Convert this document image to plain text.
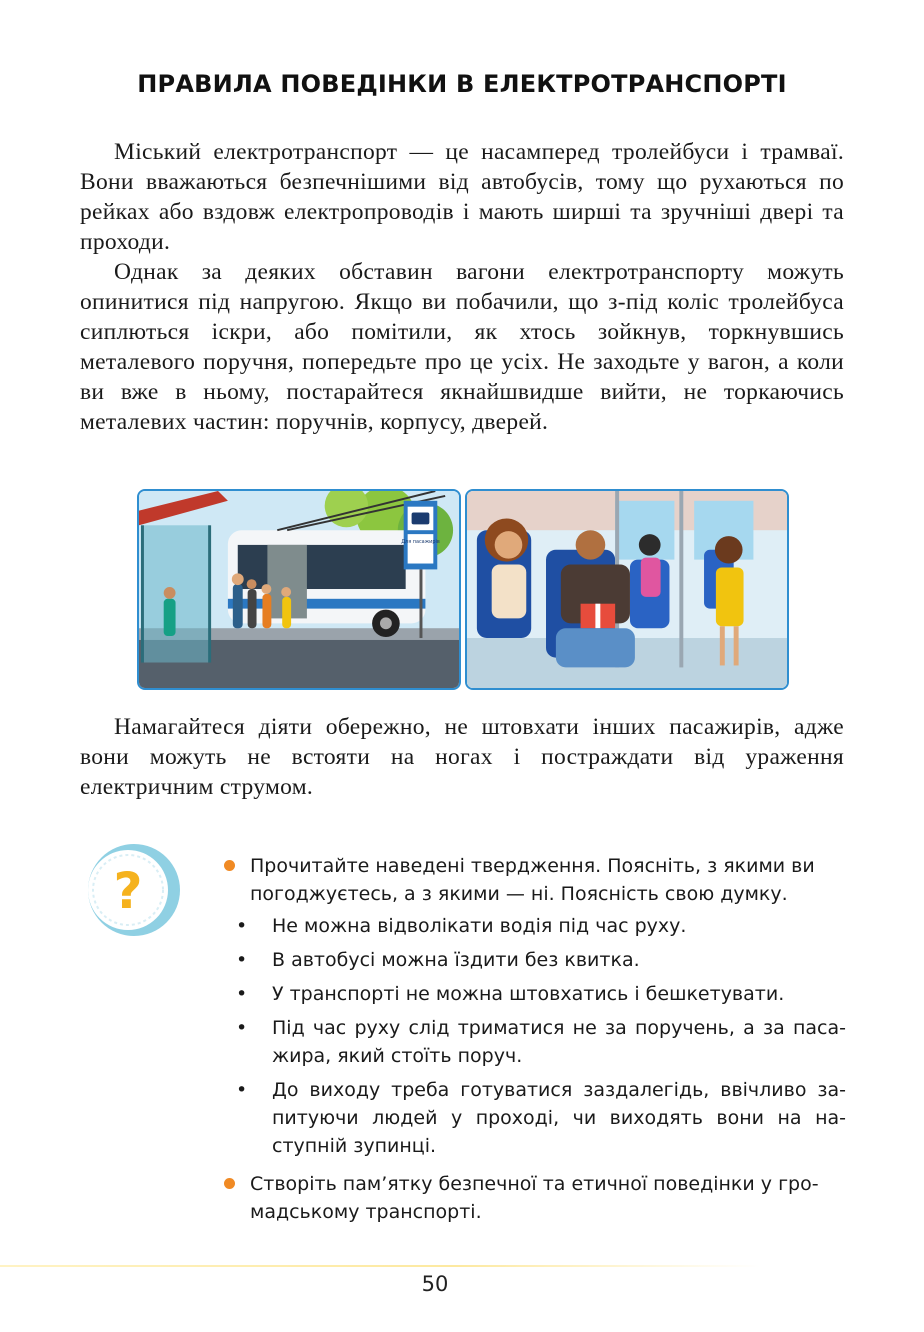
ПРАВИЛА ПОВЕДІНКИ В ЕЛЕКТРОТРАНСПОРТІ

Міський електротранспорт — це насамперед тролейбуси і трамваї. Вони вважаються безпечнішими від автобусів, тому що рухаються по рейках або вздовж електропроводів і мають ширші та зручніші двері та проходи.

Однак за деяких обставин вагони електротранспорту можуть опинитися під напругою. Якщо ви побачили, що з-під коліс тролейбуса сиплються іскри, або помітили, як хтось зойкнув, торкнувшись металевого поручня, попередьте про це усіх. Не заходьте у вагон, а коли ви вже в ньому, постарайтеся якнайшвидше вийти, не торкаючись металевих частин: поручнів, корпусу, дверей.

Для пасажирів

Намагайтеся діяти обережно, не штовхати інших пасажирів, адже вони можуть не встояти на ногах і постраждати від ураження електричним струмом.

?	Прочитайте наведені твердження. Поясніть, з якими ви погоджуєтесь, а з якими — ні. Поясність свою думку.
• Не можна відволікати водія під час руху.
• В автобусі можна їздити без квитка.
• У транспорті не можна штовхатись і бешкетувати.
• Під час руху слід триматися не за поручень, а за пасажира, який стоїть поруч.
• До виходу треба готуватися заздалегідь, ввічливо запитуючи людей у проході, чи виходять вони на наступній зупинці.
Створіть пам’ятку безпечної та етичної поведінки у громадському транспорті.
50
